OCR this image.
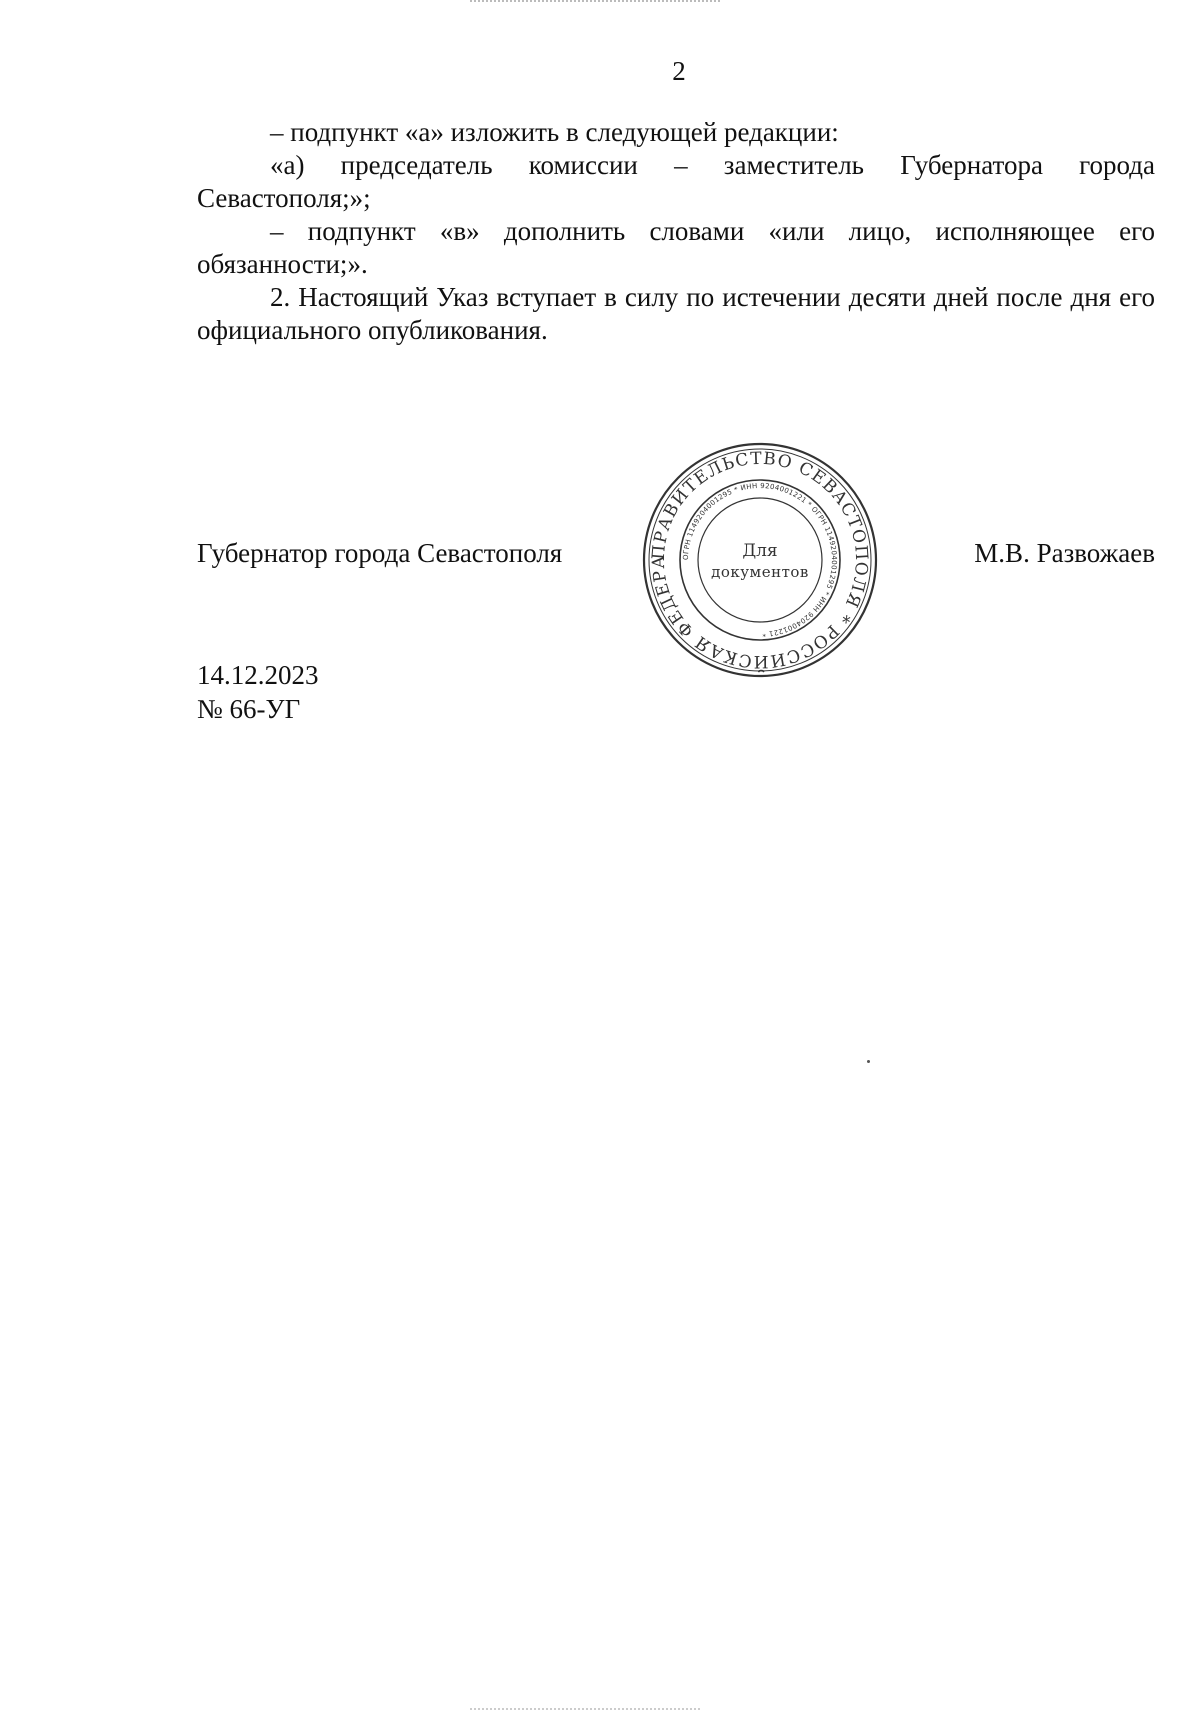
2

– подпункт «а» изложить в следующей редакции:

«а) председатель комиссии – заместитель Губернатора города Севастополя;»;

– подпункт «в» дополнить словами «или лицо, исполняющее его обязанности;».

2. Настоящий Указ вступает в силу по истечении десяти дней после дня его официального опубликования.

Губернатор города Севастополя	М.В. Развожаев
ПРАВИТЕЛЬСТВО СЕВАСТОПОЛЯ * РОССИЙСКАЯ ФЕДЕРА	ОГРН 1149204001295 * ИНН 9204001221 * ОГРН 1149204001295 * ИНН 9204001221 *
Для
документов
14.12.2023
№ 66-УГ
